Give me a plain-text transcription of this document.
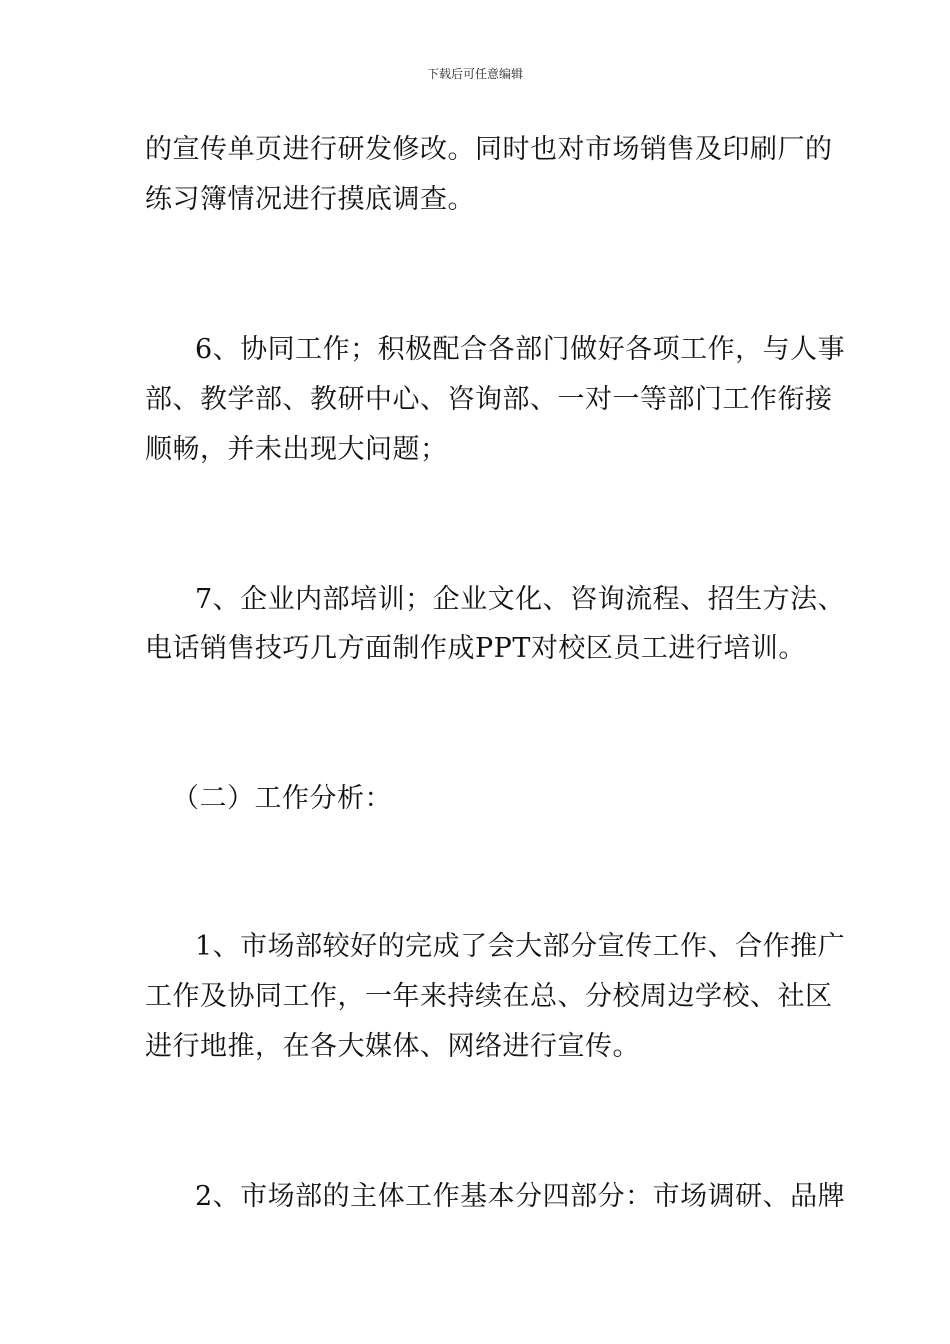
下载后可任意编辑
的宣传单页进行研发修改。同时也对市场销售及印刷厂的
练习簿情况进行摸底调查。
6、协同工作；积极配合各部门做好各项工作，与人事
部、教学部、教研中心、咨询部、一对一等部门工作衔接
顺畅，并未出现大问题；
7、企业内部培训；企业文化、咨询流程、招生方法、
电话销售技巧几方面制作成PPT对校区员工进行培训。
（二）工作分析：
1、市场部较好的完成了会大部分宣传工作、合作推广
工作及协同工作，一年来持续在总、分校周边学校、社区
进行地推，在各大媒体、网络进行宣传。
2、市场部的主体工作基本分四部分：市场调研、品牌
